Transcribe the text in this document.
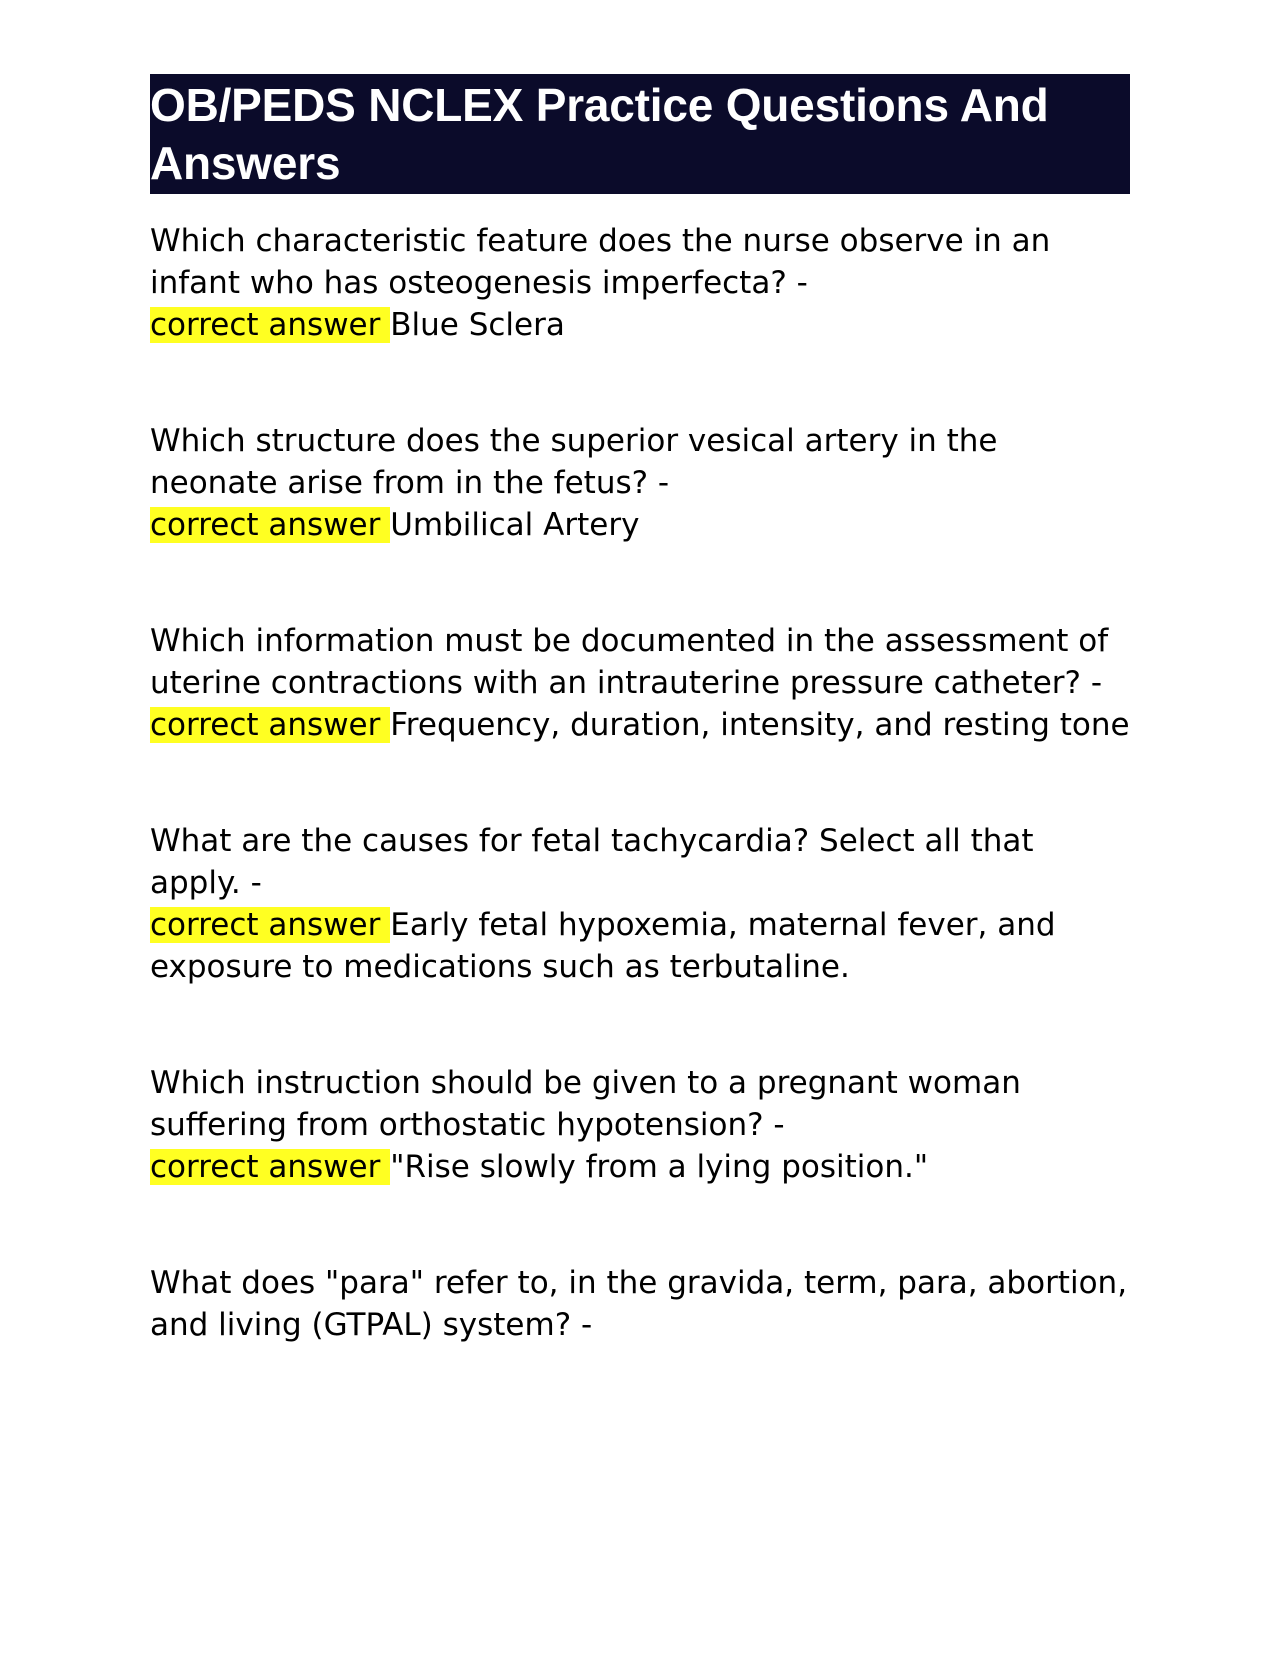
OB/PEDS NCLEX Practice Questions And Answers
Which characteristic feature does the nurse observe in an infant who has osteogenesis imperfecta? -
correct answer Blue Sclera
Which structure does the superior vesical artery in the neonate arise from in the fetus? -
correct answer Umbilical Artery
Which information must be documented in the assessment of uterine contractions with an intrauterine pressure catheter? -
correct answer Frequency, duration, intensity, and resting tone
What are the causes for fetal tachycardia? Select all that apply. -
correct answer Early fetal hypoxemia, maternal fever, and exposure to medications such as terbutaline.
Which instruction should be given to a pregnant woman suffering from orthostatic hypotension? -
correct answer "Rise slowly from a lying position."
What does "para" refer to, in the gravida, term, para, abortion, and living (GTPAL) system? -
